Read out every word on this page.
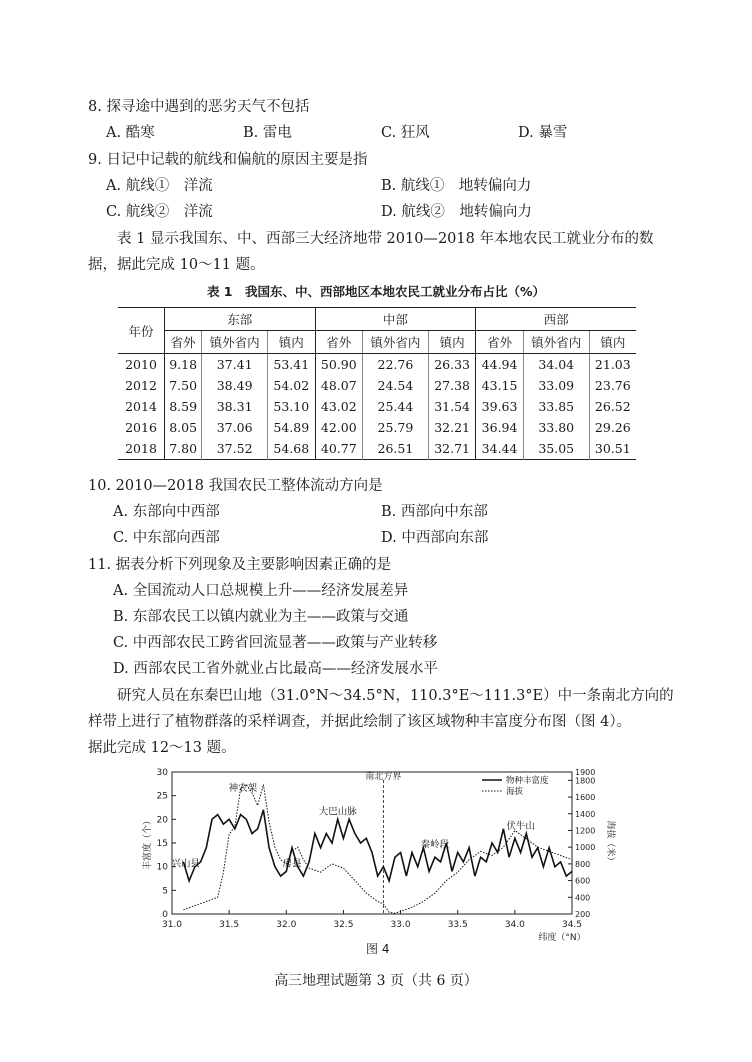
8. 探寻途中遇到的恶劣天气不包括
A. 酷寒	B. 雷电	C. 狂风	D. 暴雪
9. 日记中记载的航线和偏航的原因主要是指
A. 航线①　洋流	B. 航线①　地转偏向力
C. 航线②　洋流	D. 航线②　地转偏向力
表 1 显示我国东、中、西部三大经济地带 2010—2018 年本地农民工就业分布的数
据，据此完成 10～11 题。
表 1　我国东、中、西部地区本地农民工就业分布占比（%）
年份	东部			中部			西部		
	省外	镇外省内	镇内	省外	镇外省内	镇内	省外	镇外省内	镇内
2010	9.18	37.41	53.41	50.90	22.76	26.33	44.94	34.04	21.03
2012	7.50	38.49	54.02	48.07	24.54	27.38	43.15	33.09	23.76
2014	8.59	38.31	53.10	43.02	25.44	31.54	39.63	33.85	26.52
2016	8.05	37.06	54.89	42.00	25.79	32.21	36.94	33.80	29.26
2018	7.80	37.52	54.68	40.77	26.51	32.71	34.44	35.05	30.51
10. 2010—2018 我国农民工整体流动方向是
A. 东部向中西部	B. 西部向中东部
C. 中东部向西部	D. 中西部向东部
11. 据表分析下列现象及主要影响因素正确的是
A. 全国流动人口总规模上升——经济发展差异
B. 东部农民工以镇内就业为主——政策与交通
C. 中西部农民工跨省回流显著——政策与产业转移
D. 西部农民工省外就业占比最高——经济发展水平
研究人员在东秦巴山地（31.0°N～34.5°N，110.3°E～111.3°E）中一条南北方向的
样带上进行了植物群落的采样调查，并据此绘制了该区域物种丰富度分布图（图 4）。
据此完成 12～13 题。
31.0	31.5	32.0	32.5	33.0	33.5	34.0	34.5
0
5
10
15
20
25
30
200
400
600
800
1000
1200
1400
1600
1800
1900
丰富度（个）	海拔（米）
纬度（°N）
南北方界
兴山县
神农架
房县
大巴山脉
秦岭段
伏牛山
物种丰富度
海拔
图 4
高三地理试题第 3 页（共 6 页）
